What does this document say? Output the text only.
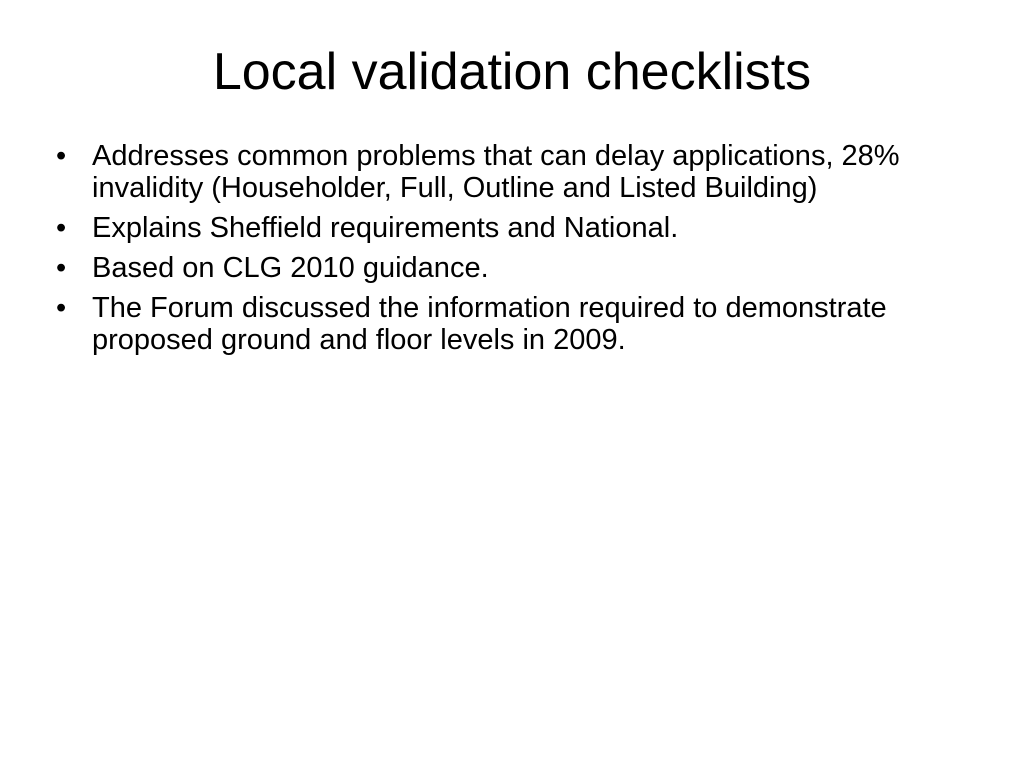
Local validation checklists
• Addresses common problems that can delay applications, 28% invalidity (Householder, Full, Outline and Listed Building)
• Explains Sheffield requirements and National.
• Based on CLG 2010 guidance.
• The Forum discussed the information required to demonstrate proposed ground and floor levels in 2009.
